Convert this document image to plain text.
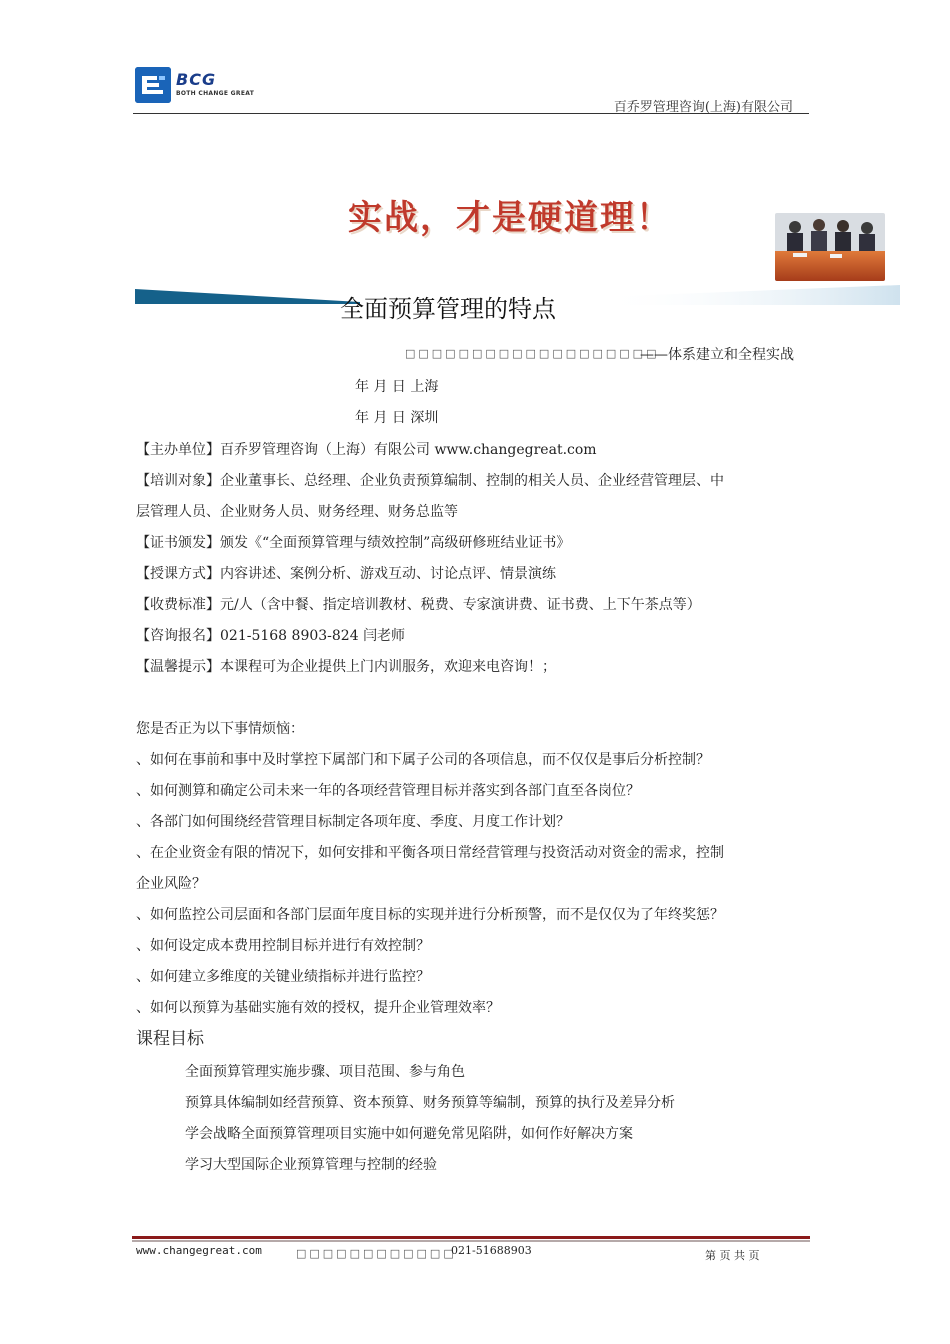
BCG
BOTH CHANGE GREAT
百乔罗管理咨询(上海)有限公司
实战，才是硬道理！
全面预算管理的特点
□□□□□□□□□□□□□□□□□□□
——体系建立和全程实战
年 月 日 上海
年 月 日 深圳
【主办单位】百乔罗管理咨询（上海）有限公司 www.changegreat.com
【培训对象】企业董事长、总经理、企业负责预算编制、控制的相关人员、企业经营管理层、中
层管理人员、企业财务人员、财务经理、财务总监等
【证书颁发】颁发《“全面预算管理与绩效控制”高级研修班结业证书》
【授课方式】内容讲述、案例分析、游戏互动、讨论点评、情景演练
【收费标准】元/人（含中餐、指定培训教材、税费、专家演讲费、证书费、上下午茶点等）
【咨询报名】021-5168 8903-824 闫老师
【温馨提示】本课程可为企业提供上门内训服务，欢迎来电咨询！；
您是否正为以下事情烦恼：
、如何在事前和事中及时掌控下属部门和下属子公司的各项信息，而不仅仅是事后分析控制？
、如何测算和确定公司未来一年的各项经营管理目标并落实到各部门直至各岗位？
、各部门如何围绕经营管理目标制定各项年度、季度、月度工作计划？
、在企业资金有限的情况下，如何安排和平衡各项日常经营管理与投资活动对资金的需求，控制
企业风险？
、如何监控公司层面和各部门层面年度目标的实现并进行分析预警，而不是仅仅为了年终奖惩？
、如何设定成本费用控制目标并进行有效控制？
、如何建立多维度的关键业绩指标并进行监控？
、如何以预算为基础实施有效的授权，提升企业管理效率？
课程目标
全面预算管理实施步骤、项目范围、参与角色
预算具体编制如经营预算、资本预算、财务预算等编制，预算的执行及差异分析
学会战略全面预算管理项目实施中如何避免常见陷阱，如何作好解决方案
学习大型国际企业预算管理与控制的经验
www.changegreat.com	□□□□□□□□□□□□
021-51688903	第 页 共 页
